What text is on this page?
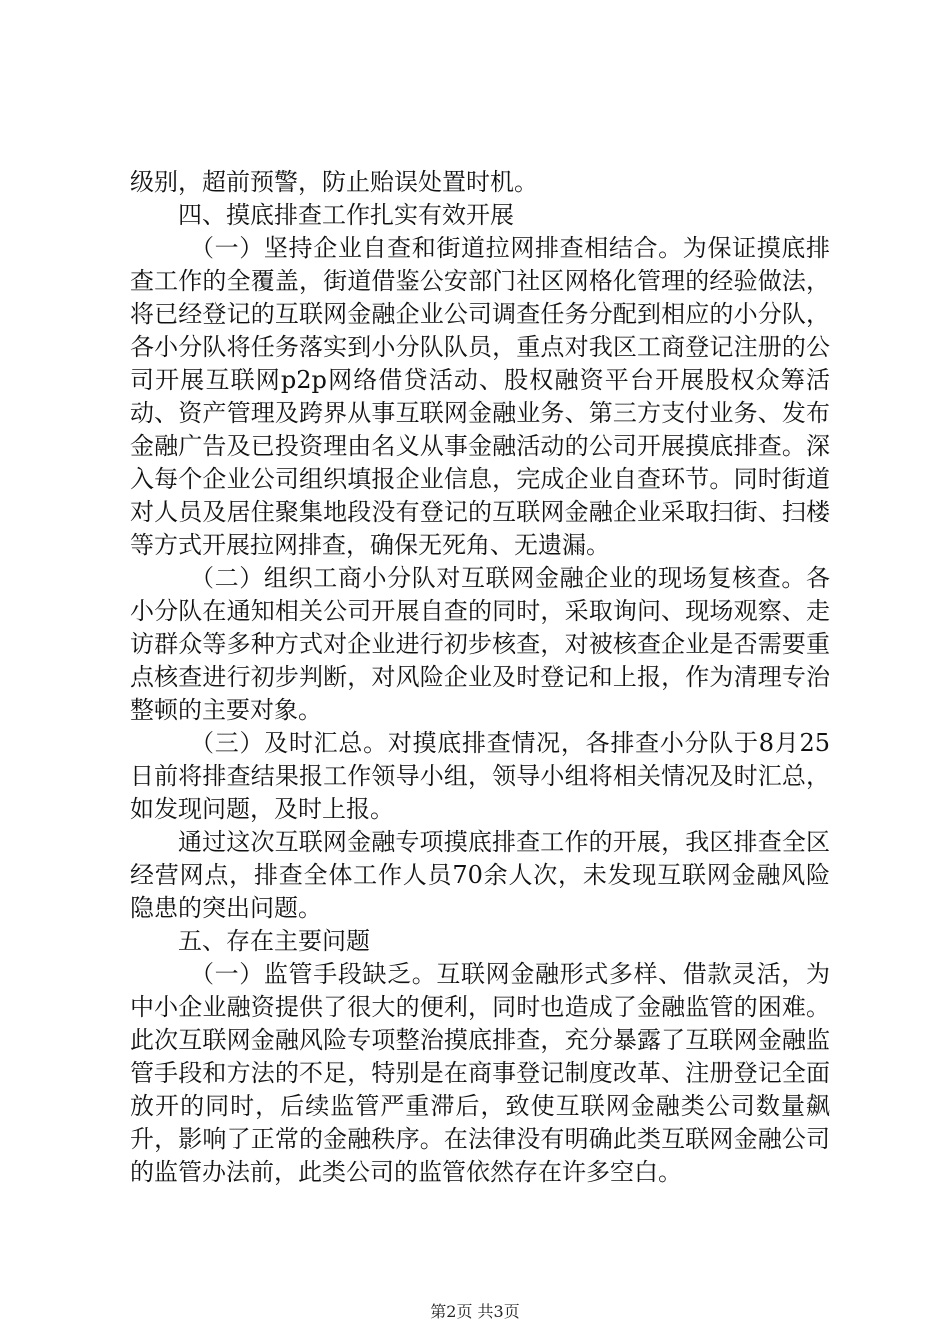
级别，超前预警，防止贻误处置时机。

四、摸底排查工作扎实有效开展

（一）坚持企业自查和街道拉网排查相结合。为保证摸底排查工作的全覆盖，街道借鉴公安部门社区网格化管理的经验做法，将已经登记的互联网金融企业公司调查任务分配到相应的小分队，各小分队将任务落实到小分队队员，重点对我区工商登记注册的公司开展互联网p2p网络借贷活动、股权融资平台开展股权众筹活动、资产管理及跨界从事互联网金融业务、第三方支付业务、发布金融广告及已投资理由名义从事金融活动的公司开展摸底排查。深入每个企业公司组织填报企业信息，完成企业自查环节。同时街道对人员及居住聚集地段没有登记的互联网金融企业采取扫街、扫楼等方式开展拉网排查，确保无死角、无遗漏。

（二）组织工商小分队对互联网金融企业的现场复核查。各小分队在通知相关公司开展自查的同时，采取询问、现场观察、走访群众等多种方式对企业进行初步核查，对被核查企业是否需要重点核查进行初步判断，对风险企业及时登记和上报，作为清理专治整顿的主要对象。

（三）及时汇总。对摸底排查情况，各排查小分队于8月25日前将排查结果报工作领导小组，领导小组将相关情况及时汇总，如发现问题，及时上报。

通过这次互联网金融专项摸底排查工作的开展，我区排查全区经营网点，排查全体工作人员70余人次，未发现互联网金融风险隐患的突出问题。

五、存在主要问题

（一）监管手段缺乏。互联网金融形式多样、借款灵活，为中小企业融资提供了很大的便利，同时也造成了金融监管的困难。此次互联网金融风险专项整治摸底排查，充分暴露了互联网金融监管手段和方法的不足，特别是在商事登记制度改革、注册登记全面放开的同时，后续监管严重滞后，致使互联网金融类公司数量飙升，影响了正常的金融秩序。在法律没有明确此类互联网金融公司的监管办法前，此类公司的监管依然存在许多空白。

第2页 共3页
